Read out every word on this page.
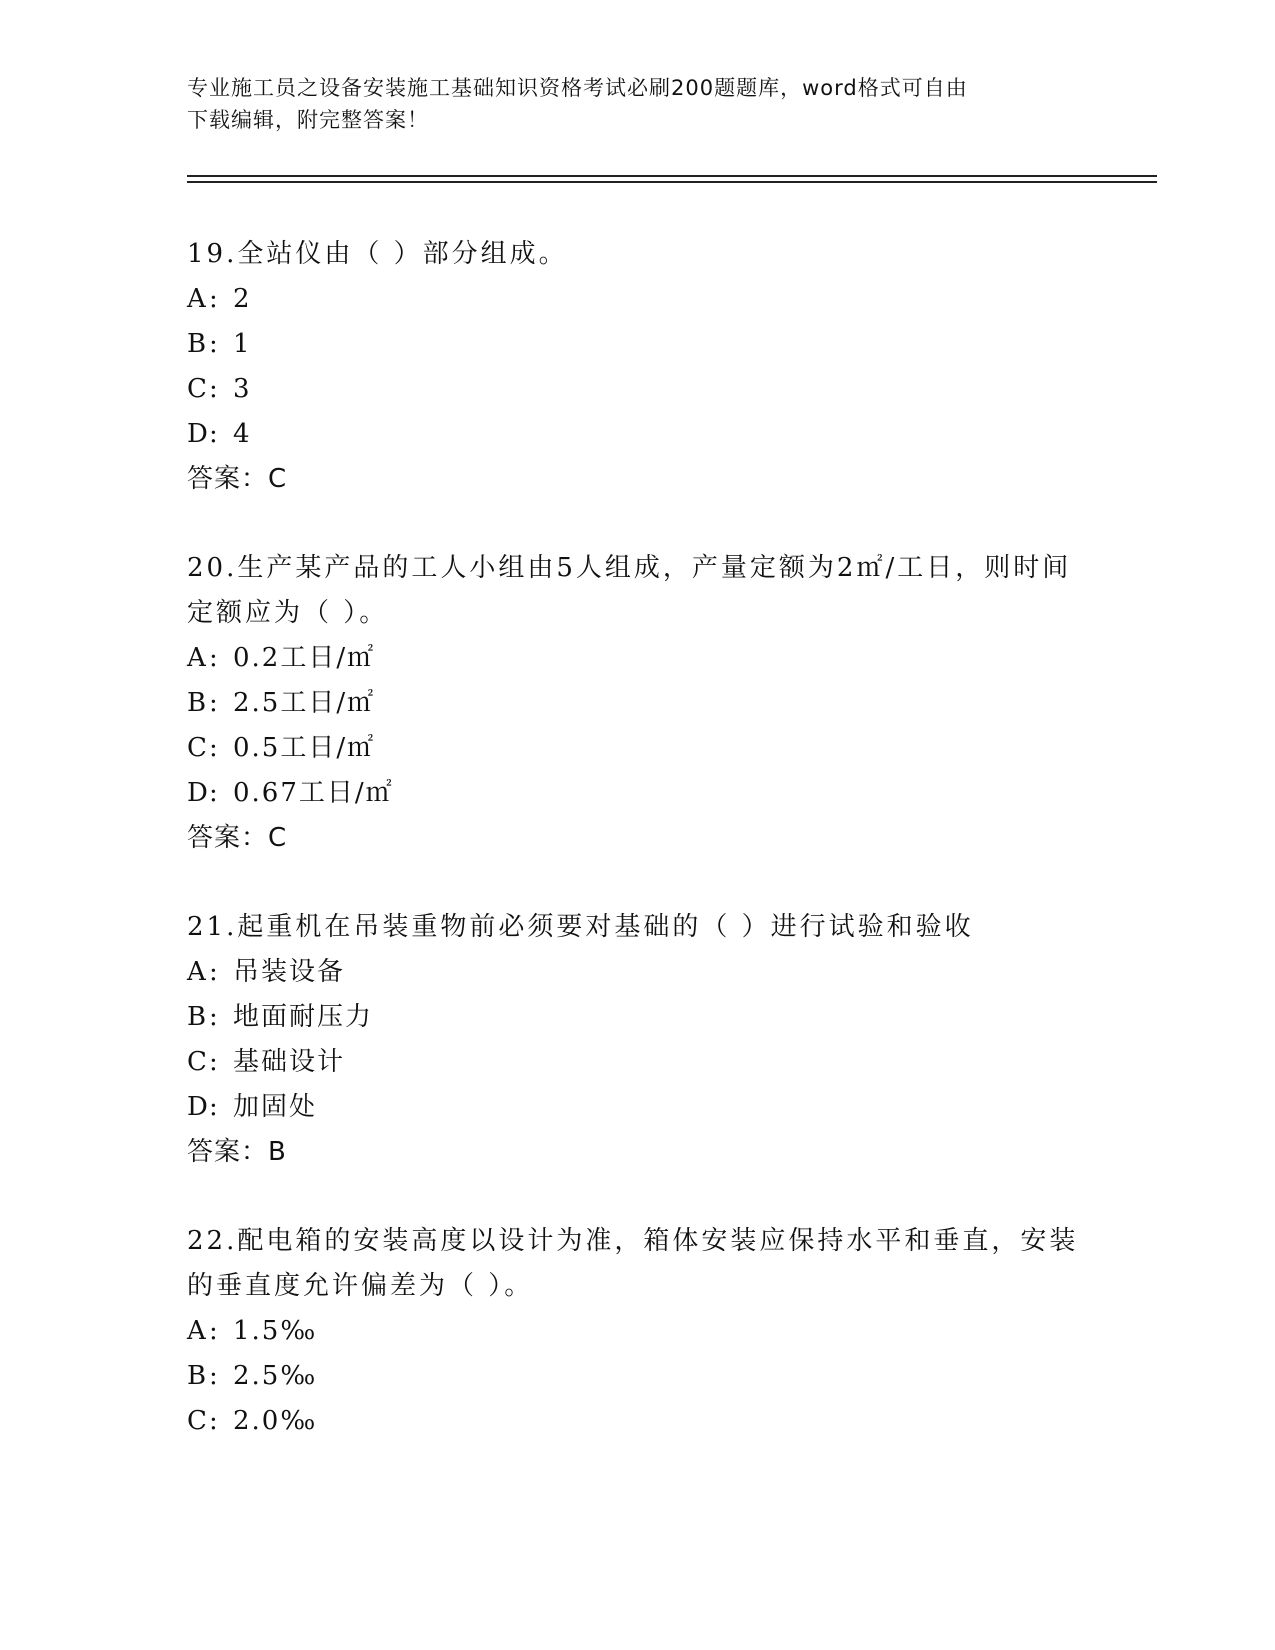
专业施工员之设备安装施工基础知识资格考试必刷200题题库，word格式可自由
下载编辑，附完整答案！
19.全站仪由（ ）部分组成。
A : 2
B : 1
C : 3
D : 4
答案：C
20.生产某产品的工人小组由5人组成，产量定额为2㎡/工日，则时间定额应为（ ）。
A : 0.2工日/㎡
B : 2.5工日/㎡
C : 0.5工日/㎡
D : 0.67工日/㎡
答案：C
21.起重机在吊装重物前必须要对基础的（ ）进行试验和验收
A : 吊装设备
B : 地面耐压力
C : 基础设计
D : 加固处
答案：B
22.配电箱的安装高度以设计为准，箱体安装应保持水平和垂直，安装的垂直度允许偏差为（ ）。
A : 1.5‰
B : 2.5‰
C : 2.0‰
